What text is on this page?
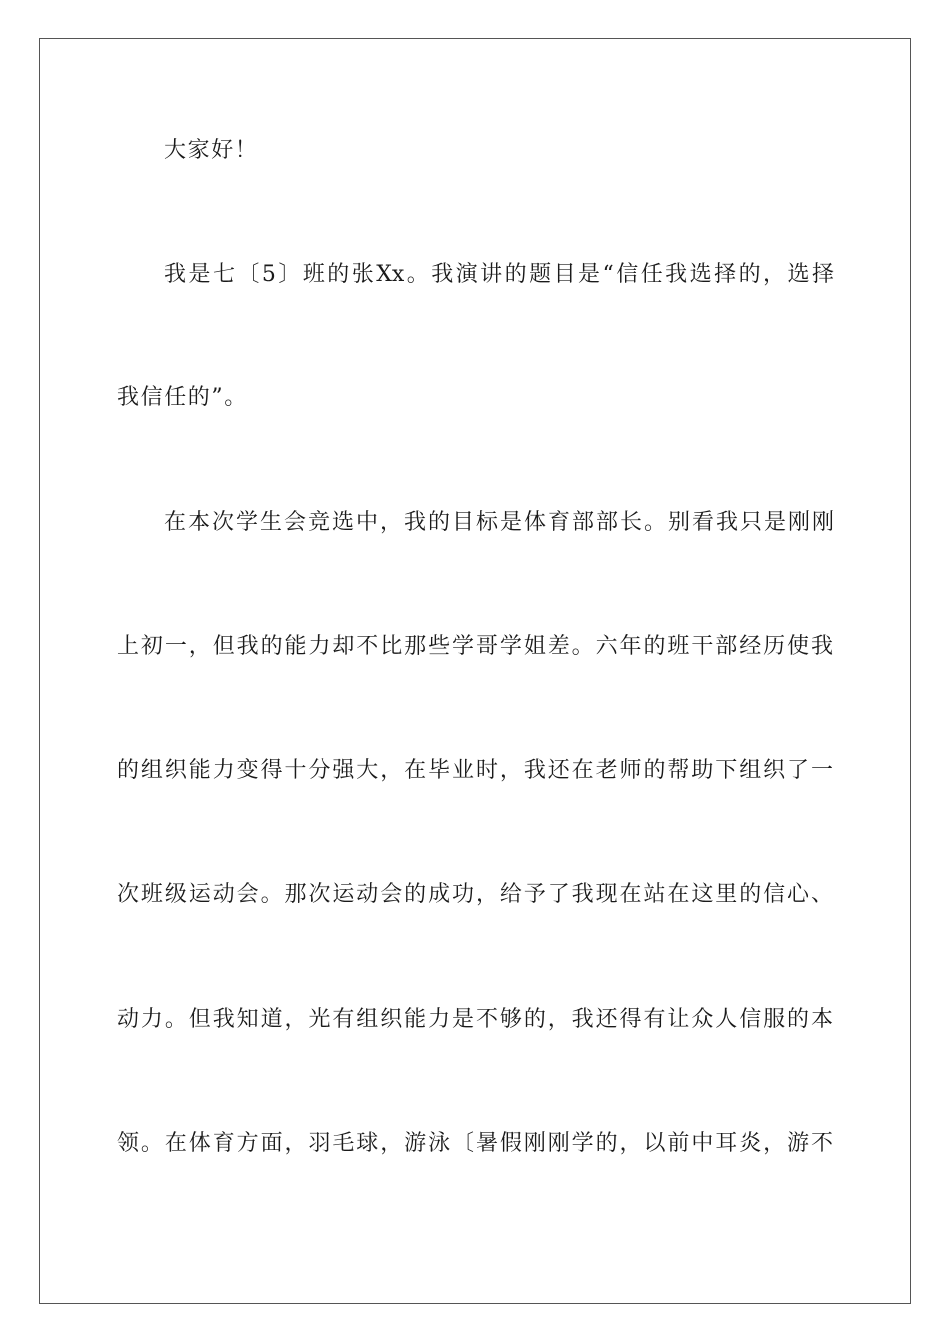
大家好！
我是七〔5〕班的张Xx。我演讲的题目是“信任我选择的，选择
我信任的”。
在本次学生会竞选中，我的目标是体育部部长。别看我只是刚刚
上初一，但我的能力却不比那些学哥学姐差。六年的班干部经历使我
的组织能力变得十分强大，在毕业时，我还在老师的帮助下组织了一
次班级运动会。那次运动会的成功，给予了我现在站在这里的信心、
动力。但我知道，光有组织能力是不够的，我还得有让众人信服的本
领。在体育方面，羽毛球，游泳〔暑假刚刚学的，以前中耳炎，游不
